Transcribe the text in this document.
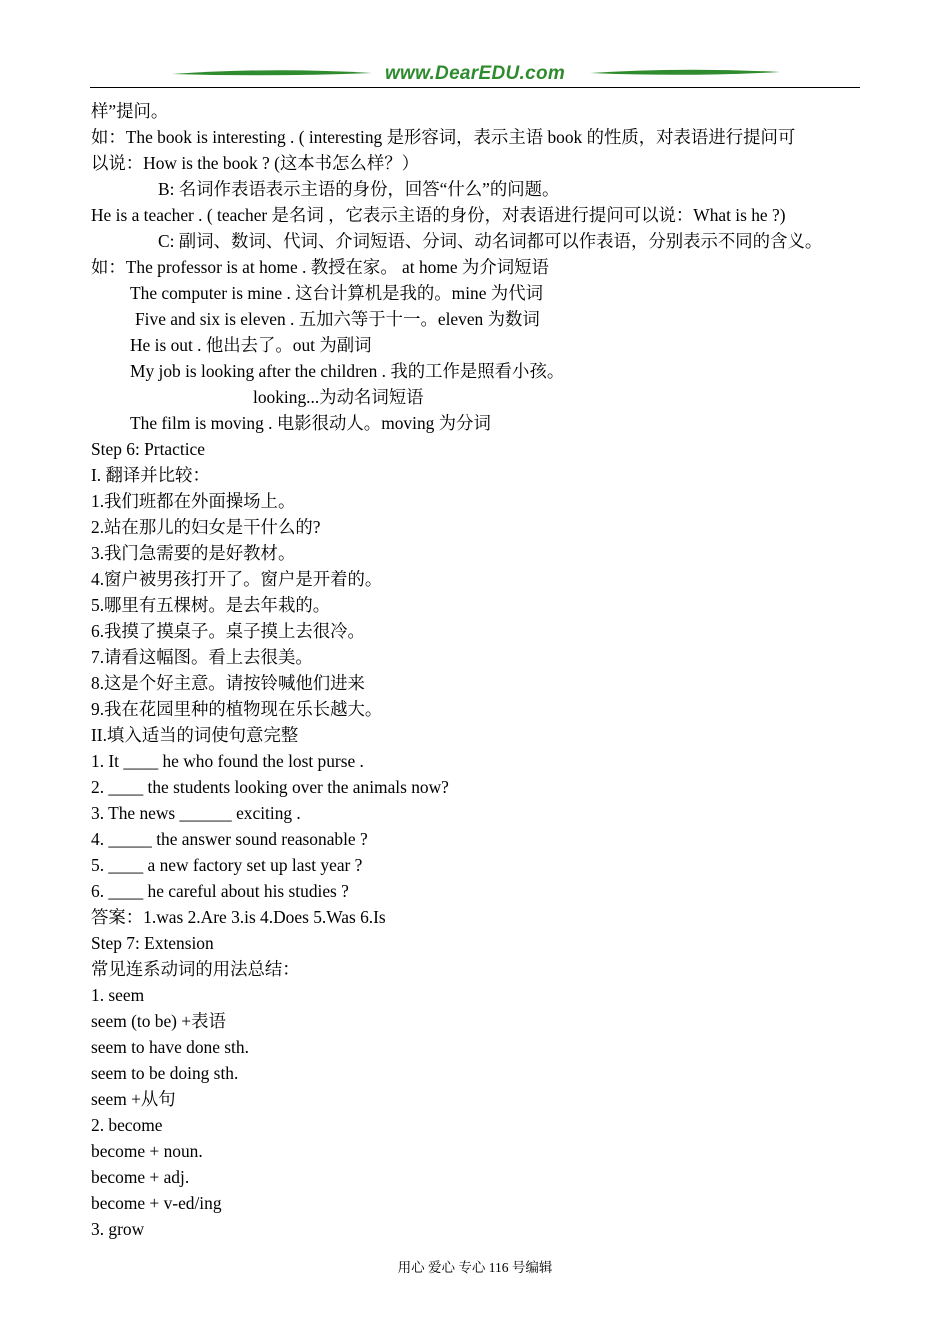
www.DearEDU.com
样”提问。
如：The book is interesting . ( interesting 是形容词，表示主语 book 的性质，对表语进行提问可
以说：How is the book ? (这本书怎么样？）
B: 名词作表语表示主语的身份，回答“什么”的问题。
He is a teacher . ( teacher 是名词 ，它表示主语的身份，对表语进行提问可以说：What is he ?)
C: 副词、数词、代词、介词短语、分词、动名词都可以作表语，分别表示不同的含义。
如：The professor is at home . 教授在家。 at home 为介词短语
The computer is mine . 这台计算机是我的。mine 为代词
Five and six is eleven . 五加六等于十一。eleven 为数词
He is out . 他出去了。out 为副词
My job is looking after the children . 我的工作是照看小孩。
looking...为动名词短语
The film is moving . 电影很动人。moving 为分词
Step 6: Prtactice
I. 翻译并比较：
1.我们班都在外面操场上。
2.站在那儿的妇女是干什么的?
3.我门急需要的是好教材。
4.窗户被男孩打开了。窗户是开着的。
5.哪里有五棵树。是去年栽的。
6.我摸了摸桌子。桌子摸上去很冷。
7.请看这幅图。看上去很美。
8.这是个好主意。请按铃喊他们进来
9.我在花园里种的植物现在乐长越大。
II.填入适当的词使句意完整
1. It ____ he who found the lost purse .
2. ____ the students looking over the animals now?
3. The news ______ exciting .
4. _____ the answer sound reasonable ?
5. ____ a new factory set up last year ?
6. ____ he careful about his studies ?
答案：1.was 2.Are 3.is 4.Does 5.Was 6.Is
Step 7: Extension
常见连系动词的用法总结：
1. seem
seem (to be) +表语
seem to have done sth.
seem to be doing sth.
seem +从句
2. become
become + noun.
become + adj.
become + v-ed/ing
3. grow
用心 爱心 专心 116 号编辑
